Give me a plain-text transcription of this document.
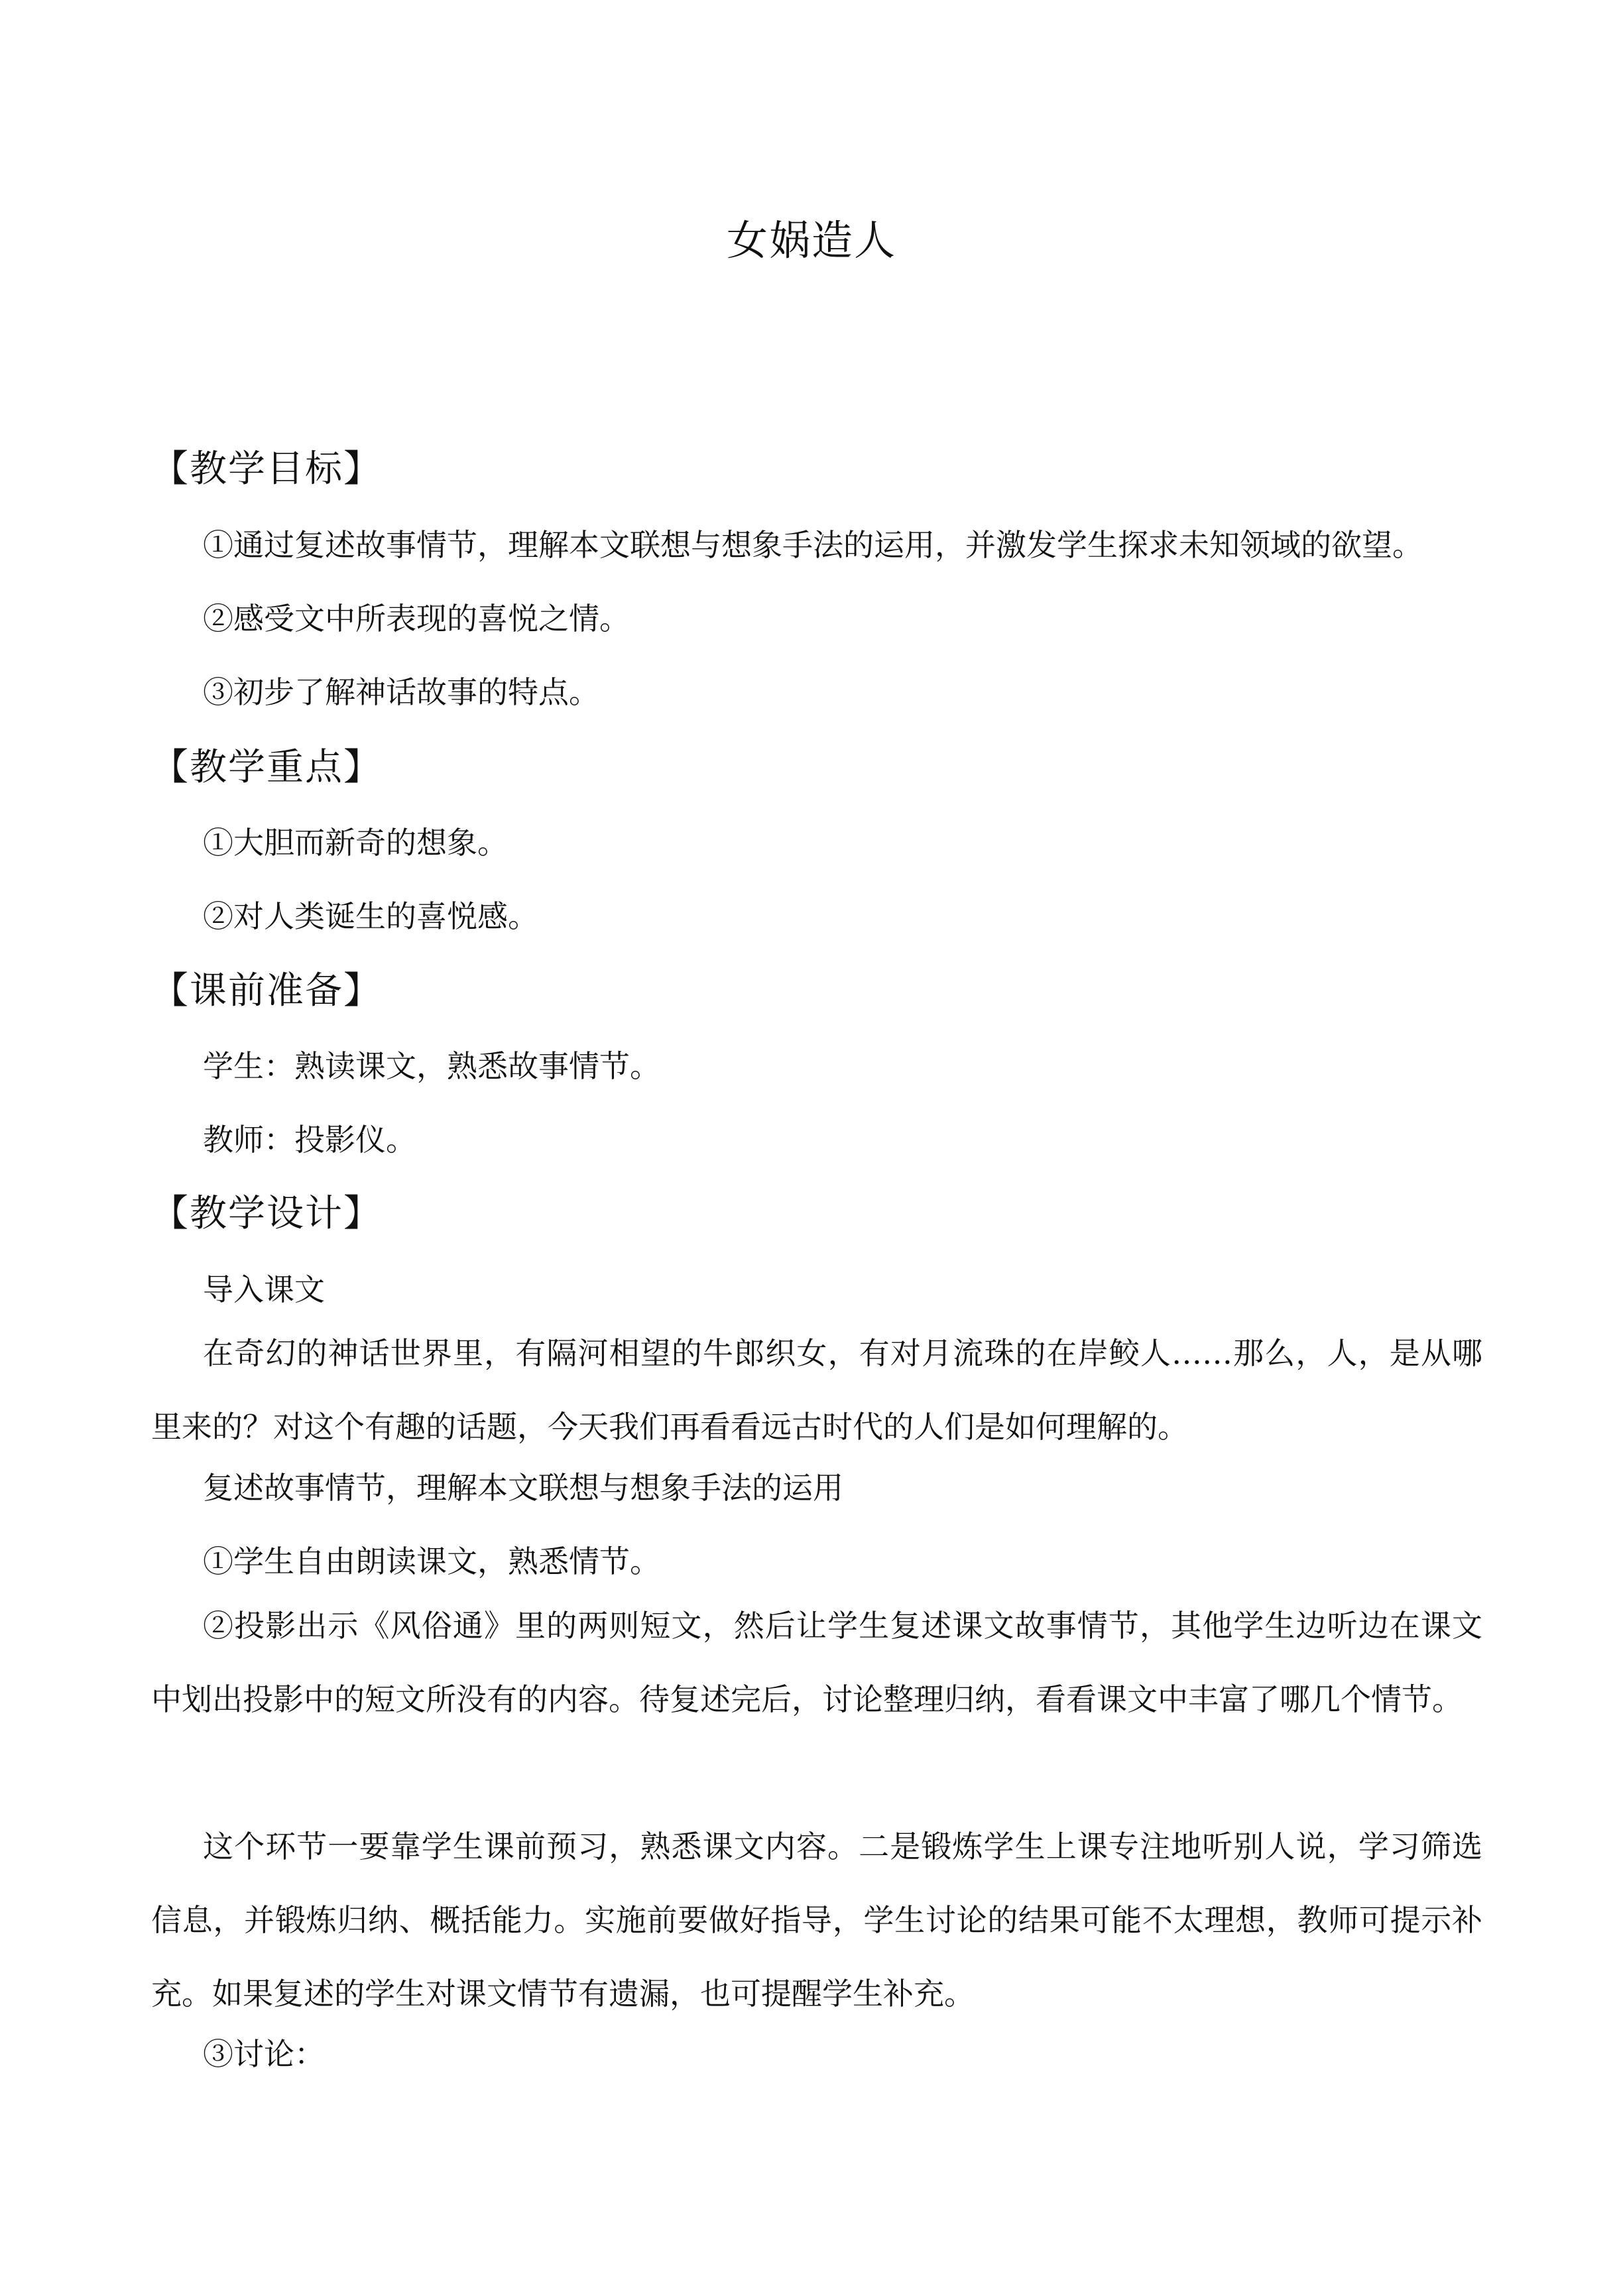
女娲造人
【教学目标】
①通过复述故事情节，理解本文联想与想象手法的运用，并激发学生探求未知领域的欲望。
②感受文中所表现的喜悦之情。
③初步了解神话故事的特点。
【教学重点】
①大胆而新奇的想象。
②对人类诞生的喜悦感。
【课前准备】
学生：熟读课文，熟悉故事情节。
教师：投影仪。
【教学设计】
导入课文

在奇幻的神话世界里，有隔河相望的牛郎织女，有对月流珠的在岸鲛人……那么，人，是从哪里来的？对这个有趣的话题，今天我们再看看远古时代的人们是如何理解的。

复述故事情节，理解本文联想与想象手法的运用
①学生自由朗读课文，熟悉情节。

②投影出示《风俗通》里的两则短文，然后让学生复述课文故事情节，其他学生边听边在课文中划出投影中的短文所没有的内容。待复述完后，讨论整理归纳，看看课文中丰富了哪几个情节。

这个环节一要靠学生课前预习，熟悉课文内容。二是锻炼学生上课专注地听别人说，学习筛选信息，并锻炼归纳、概括能力。实施前要做好指导，学生讨论的结果可能不太理想，教师可提示补充。如果复述的学生对课文情节有遗漏，也可提醒学生补充。

③讨论：
